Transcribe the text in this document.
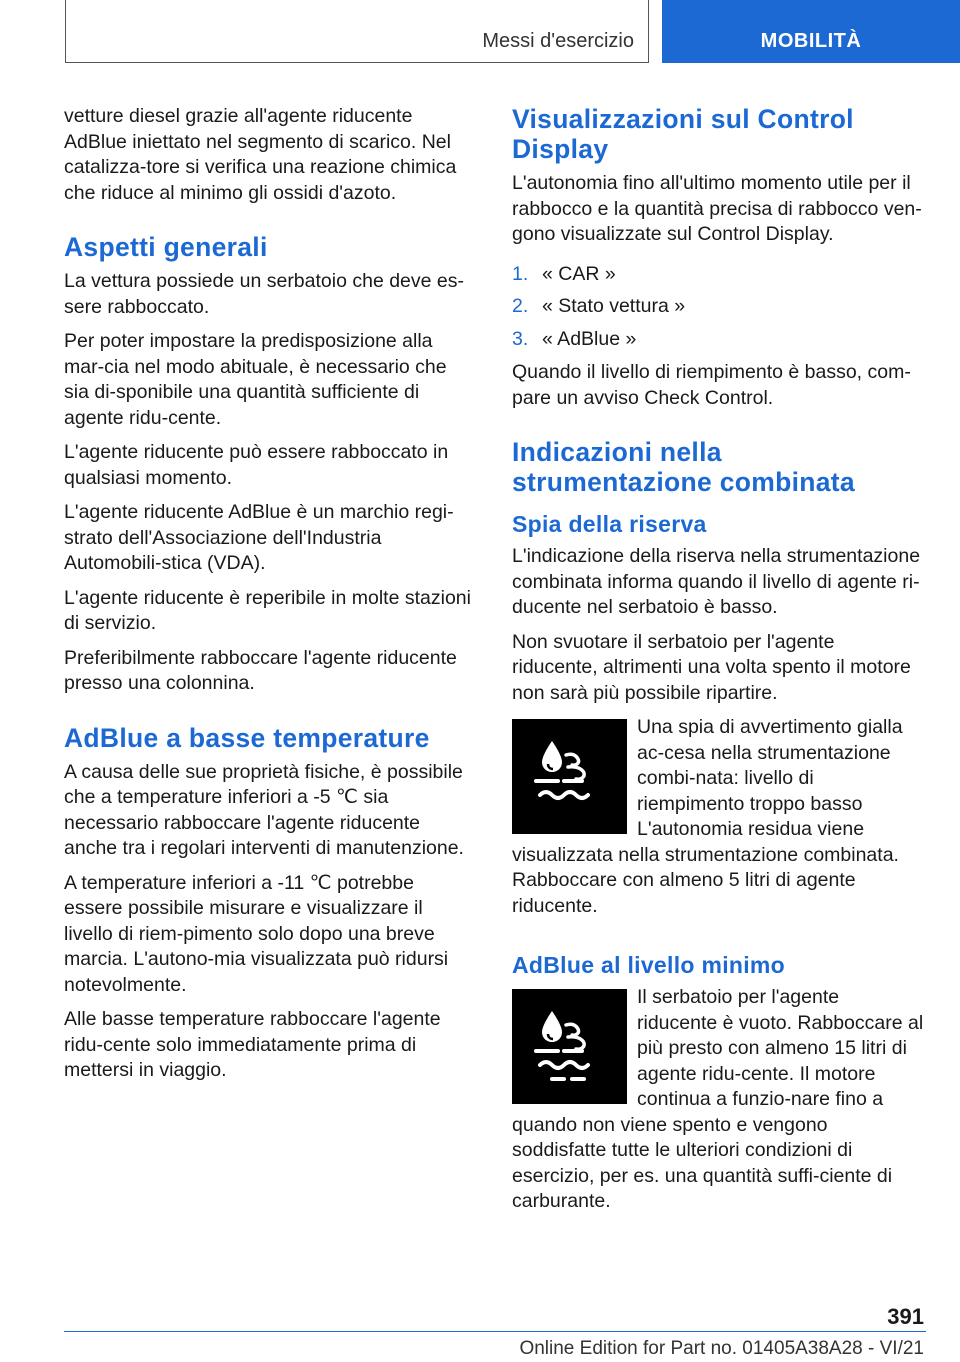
Messi d'esercizio	MOBILITÀ

vetture diesel grazie all'agente riducente AdBlue iniettato nel segmento di scarico. Nel catalizza-tore si verifica una reazione chimica che riduce al minimo gli ossidi d'azoto.

Aspetti generali

La vettura possiede un serbatoio che deve es-sere rabboccato.

Per poter impostare la predisposizione alla mar-cia nel modo abituale, è necessario che sia di-sponibile una quantità sufficiente di agente ridu-cente.

L'agente riducente può essere rabboccato in qualsiasi momento.

L'agente riducente AdBlue è un marchio regi-strato dell'Associazione dell'Industria Automobili-stica (VDA).

L'agente riducente è reperibile in molte stazioni di servizio.

Preferibilmente rabboccare l'agente riducente presso una colonnina.

AdBlue a basse temperature

A causa delle sue proprietà fisiche, è possibile che a temperature inferiori a -5 ℃ sia necessario rabboccare l'agente riducente anche tra i regolari interventi di manutenzione.

A temperature inferiori a -11 ℃ potrebbe essere possibile misurare e visualizzare il livello di riem-pimento solo dopo una breve marcia. L'autono-mia visualizzata può ridursi notevolmente.

Alle basse temperature rabboccare l'agente ridu-cente solo immediatamente prima di mettersi in viaggio.

Visualizzazioni sul Control Display

L'autonomia fino all'ultimo momento utile per il rabbocco e la quantità precisa di rabbocco ven-gono visualizzate sul Control Display.

1. « CAR »
2. « Stato vettura »
3. « AdBlue »

Quando il livello di riempimento è basso, com-pare un avviso Check Control.

Indicazioni nella strumentazione combinata
Spia della riserva

L'indicazione della riserva nella strumentazione combinata informa quando il livello di agente ri-ducente nel serbatoio è basso.

Non svuotare il serbatoio per l'agente riducente, altrimenti una volta spento il motore non sarà più possibile ripartire.

Una spia di avvertimento gialla ac-cesa nella strumentazione combi-nata: livello di riempimento troppo basso L'autonomia residua viene visualizzata nella strumentazione combinata. Rabboccare con almeno 5 litri di agente riducente.

AdBlue al livello minimo

Il serbatoio per l'agente riducente è vuoto. Rabboccare al più presto con almeno 15 litri di agente ridu-cente. Il motore continua a funzio-nare fino a quando non viene spento e vengono soddisfatte tutte le ulteriori condizioni di esercizio, per es. una quantità suffi-ciente di carburante.

391
Online Edition for Part no. 01405A38A28 - VI/21
